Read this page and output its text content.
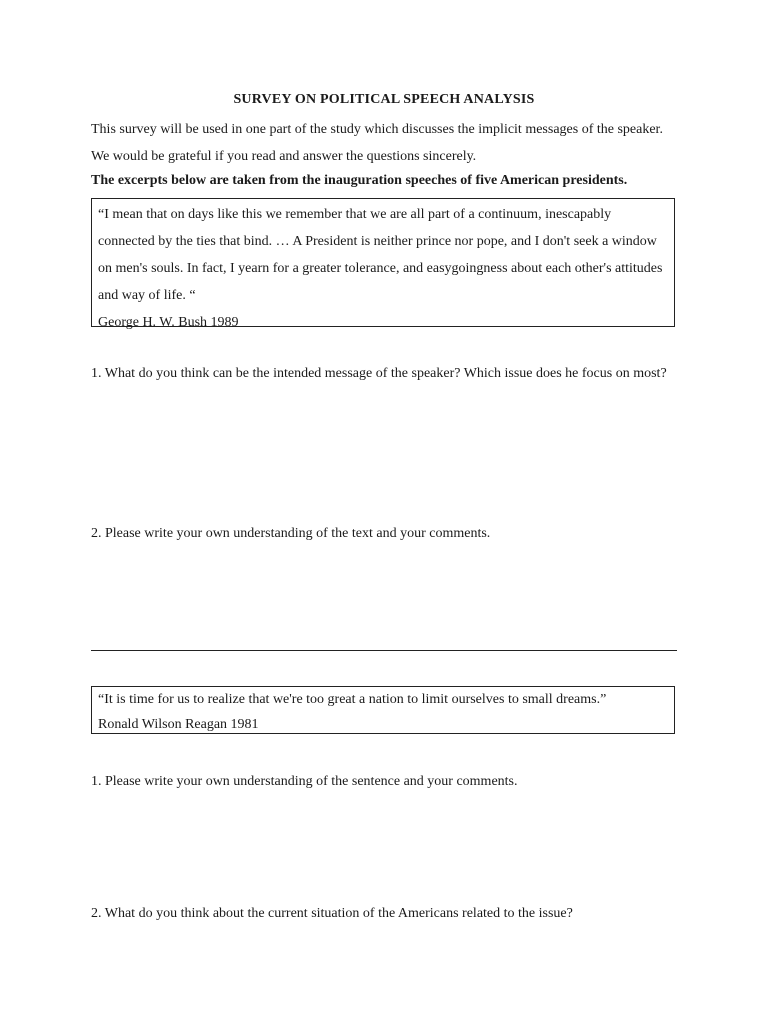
SURVEY ON POLITICAL SPEECH ANALYSIS
This survey will be used in one part of the study which discusses the implicit messages of the speaker. We would be grateful if you read and answer the questions sincerely.
The excerpts below are taken from the inauguration speeches of five American presidents.
“I mean that on days like this we remember that we are all part of a continuum, inescapably connected by the ties that bind. … A President is neither prince nor pope, and I don't seek a window on men's souls. In fact, I yearn for a greater tolerance, and easygoingness about each other's attitudes and way of life. “
George H. W. Bush 1989
1. What do you think can be the intended message of the speaker? Which issue does he focus on most?
2. Please write your own understanding of the text and your comments.
“It is time for us to realize that we're too great a nation to limit ourselves to small dreams.”
Ronald Wilson Reagan 1981
1. Please write your own understanding of the sentence and your comments.
2. What do you think about the current situation of the Americans related to the issue?
